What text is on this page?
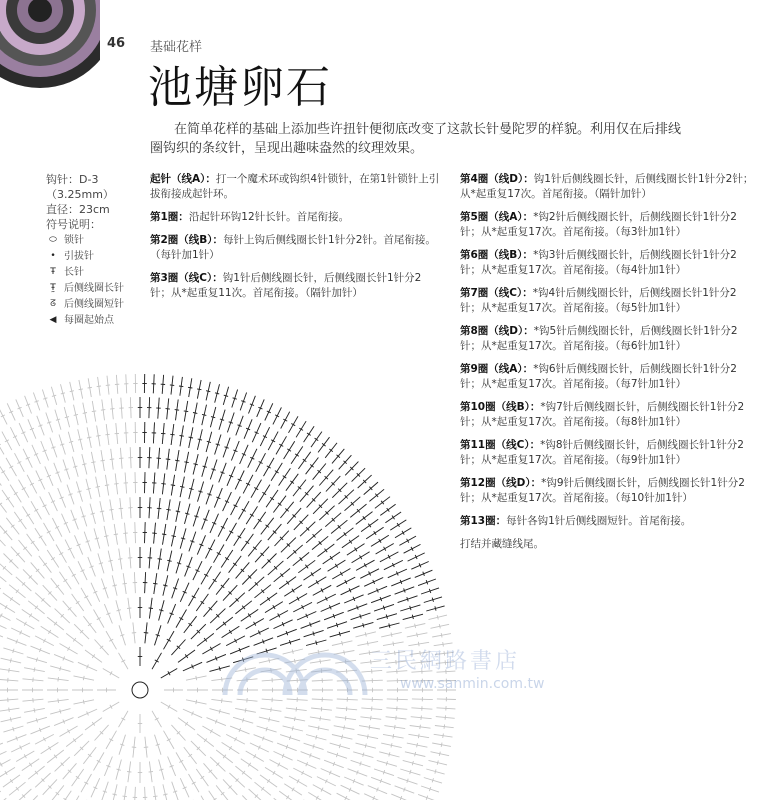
46 基础花样
池塘卵石
在简单花样的基础上添加些许扭针便彻底改变了这款长针曼陀罗的样貌。利用仅在后排线圈钩织的条纹针，呈现出趣味盎然的纹理效果。
钩针：D-3
（3.25mm）
直径：23cm
符号说明：
⬭ 锁针
• 引拔针
Ŧ 长针
Ŧ̰ 后侧线圈长针
ᘔ 后侧线圈短针
◀ 每圈起始点

起针（线A）：打一个魔术环或钩织4针锁针，在第1针锁针上引拔衔接成起针环。

第1圈：沿起针环钩12针长针。首尾衔接。

第2圈（线B）：每针上钩后侧线圈长针1针分2针。首尾衔接。（每针加1针）

第3圈（线C）：钩1针后侧线圈长针，后侧线圈长针1针分2针；从*起重复11次。首尾衔接。（隔针加针）

第4圈（线D）：钩1针后侧线圈长针，后侧线圈长针1针分2针；从*起重复17次。首尾衔接。（隔针加针）

第5圈（线A）：*钩2针后侧线圈长针，后侧线圈长针1针分2针；从*起重复17次。首尾衔接。（每3针加1针）

第6圈（线B）：*钩3针后侧线圈长针，后侧线圈长针1针分2针；从*起重复17次。首尾衔接。（每4针加1针）

第7圈（线C）：*钩4针后侧线圈长针，后侧线圈长针1针分2针；从*起重复17次。首尾衔接。（每5针加1针）

第8圈（线D）：*钩5针后侧线圈长针，后侧线圈长针1针分2针；从*起重复17次。首尾衔接。（每6针加1针）

第9圈（线A）：*钩6针后侧线圈长针，后侧线圈长针1针分2针；从*起重复17次。首尾衔接。（每7针加1针）

第10圈（线B）：*钩7针后侧线圈长针，后侧线圈长针1针分2针；从*起重复17次。首尾衔接。（每8针加1针）

第11圈（线C）：*钩8针后侧线圈长针，后侧线圈长针1针分2针；从*起重复17次。首尾衔接。（每9针加1针）

第12圈（线D）：*钩9针后侧线圈长针，后侧线圈长针1针分2针；从*起重复17次。首尾衔接。（每10针加1针）

第13圈：每针各钩1针后侧线圈短针。首尾衔接。

打结并藏缝线尾。

三民網路書店
www.sanmin.com.tw
